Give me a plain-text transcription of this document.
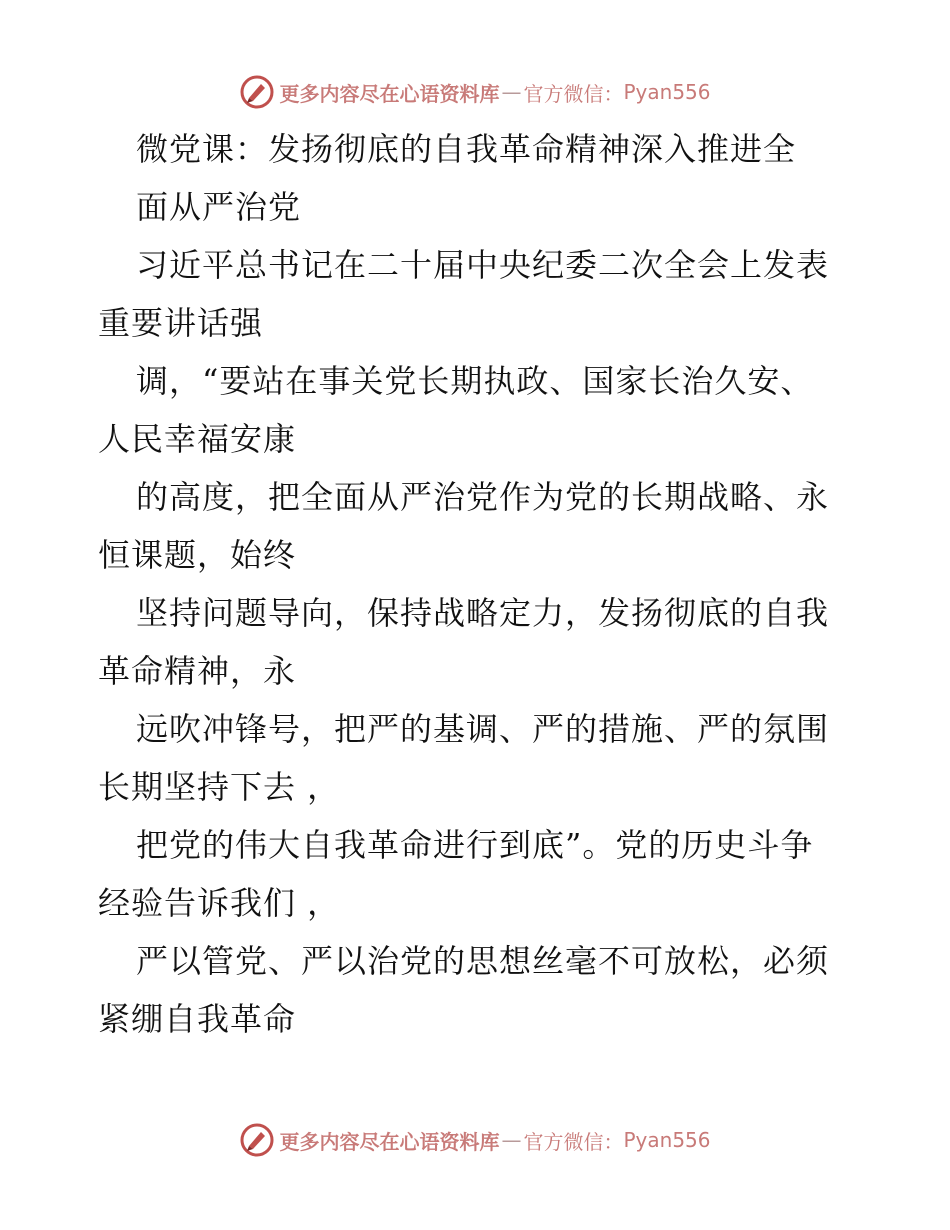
更多内容尽在心语资料库 — 官方微信： Pyan556
微党课：发扬彻底的自我革命精神深入推进全
面从严治党
习近平总书记在二十届中央纪委二次全会上发表
重要讲话强
调，“要站在事关党长期执政、国家长治久安、
人民幸福安康
的高度，把全面从严治党作为党的长期战略、永
恒课题，始终
坚持问题导向，保持战略定力，发扬彻底的自我
革命精神，永
远吹冲锋号，把严的基调、严的措施、严的氛围
长期坚持下去 ，
把党的伟大自我革命进行到底”。党的历史斗争
经验告诉我们 ，
严以管党、严以治党的思想丝毫不可放松，必须
紧绷自我革命
更多内容尽在心语资料库 — 官方微信： Pyan556
